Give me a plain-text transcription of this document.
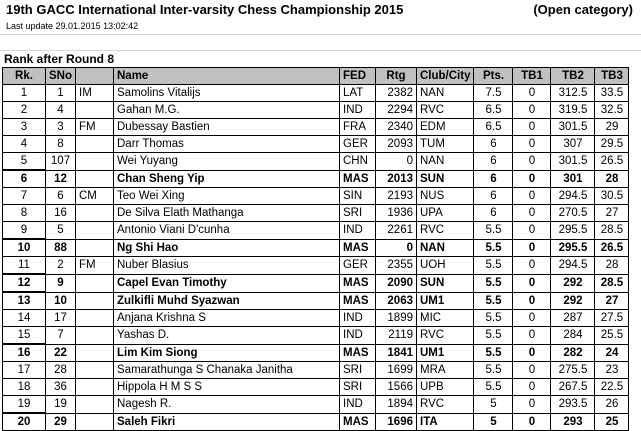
19th GACC International Inter-varsity Chess Championship 2015	(Open category)
Last update 29.01.2015 13:02:42
Rank after Round 8
Rk.	SNo		Name	FED	Rtg	Club/City	Pts.	TB1	TB2	TB3
1	1	IM	Samolins Vitalijs	LAT	2382	NAN	7.5	0	312.5	33.5
2	4		Gahan M.G.	IND	2294	RVC	6.5	0	319.5	32.5
3	3	FM	Dubessay Bastien	FRA	2340	EDM	6.5	0	301.5	29
4	8		Darr Thomas	GER	2093	TUM	6	0	307	29.5
5	107		Wei Yuyang	CHN	0	NAN	6	0	301.5	26.5
6	12		Chan Sheng Yip	MAS	2013	SUN	6	0	301	28
7	6	CM	Teo Wei Xing	SIN	2193	NUS	6	0	294.5	30.5
8	16		De Silva Elath Mathanga	SRI	1936	UPA	6	0	270.5	27
9	5		Antonio Viani D'cunha	IND	2261	RVC	5.5	0	295.5	28.5
10	88		Ng Shi Hao	MAS	0	NAN	5.5	0	295.5	26.5
11	2	FM	Nuber Blasius	GER	2355	UOH	5.5	0	294.5	28
12	9		Capel Evan Timothy	MAS	2090	SUN	5.5	0	292	28.5
13	10		Zulkifli Muhd Syazwan	MAS	2063	UM1	5.5	0	292	27
14	17		Anjana Krishna S	IND	1899	MIC	5.5	0	287	27.5
15	7		Yashas D.	IND	2119	RVC	5.5	0	284	25.5
16	22		Lim Kim Siong	MAS	1841	UM1	5.5	0	282	24
17	28		Samarathunga S Chanaka Janitha	SRI	1699	MRA	5.5	0	275.5	23
18	36		Hippola H M S S	SRI	1566	UPB	5.5	0	267.5	22.5
19	19		Nagesh R.	IND	1894	RVC	5	0	293.5	26
20	29		Saleh Fikri	MAS	1696	ITA	5	0	293	25
